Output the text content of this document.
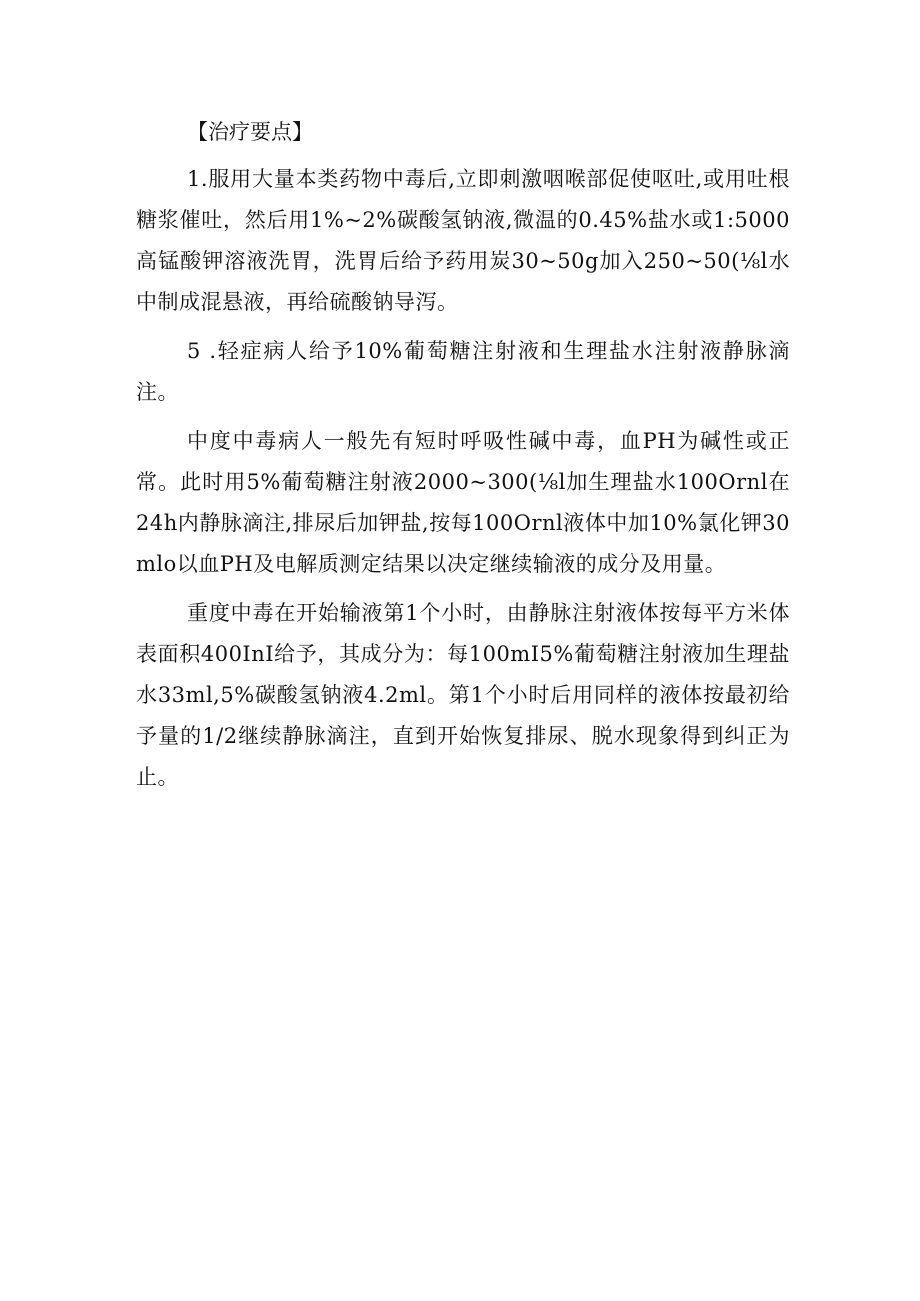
【治疗要点】

1.服用大量本类药物中毒后,立即刺激咽喉部促使呕吐,或用吐根糖浆催吐，然后用1%~2%碳酸氢钠液,微温的0.45%盐水或1:5000高锰酸钾溶液洗胃，洗胃后给予药用炭30~50g加入250~50(⅛l水中制成混悬液，再给硫酸钠导泻。

5 .轻症病人给予10%葡萄糖注射液和生理盐水注射液静脉滴注。

中度中毒病人一般先有短时呼吸性碱中毒，血PH为碱性或正常。此时用5%葡萄糖注射液2000~300(⅛l加生理盐水100Ornl在24h内静脉滴注,排尿后加钾盐,按每100Ornl液体中加10%氯化钾30mlo以血PH及电解质测定结果以决定继续输液的成分及用量。

重度中毒在开始输液第1个小时，由静脉注射液体按每平方米体表面积400InI给予，其成分为：每100mI5%葡萄糖注射液加生理盐水33ml,5%碳酸氢钠液4.2ml。第1个小时后用同样的液体按最初给予量的1/2继续静脉滴注，直到开始恢复排尿、脱水现象得到纠正为止。
